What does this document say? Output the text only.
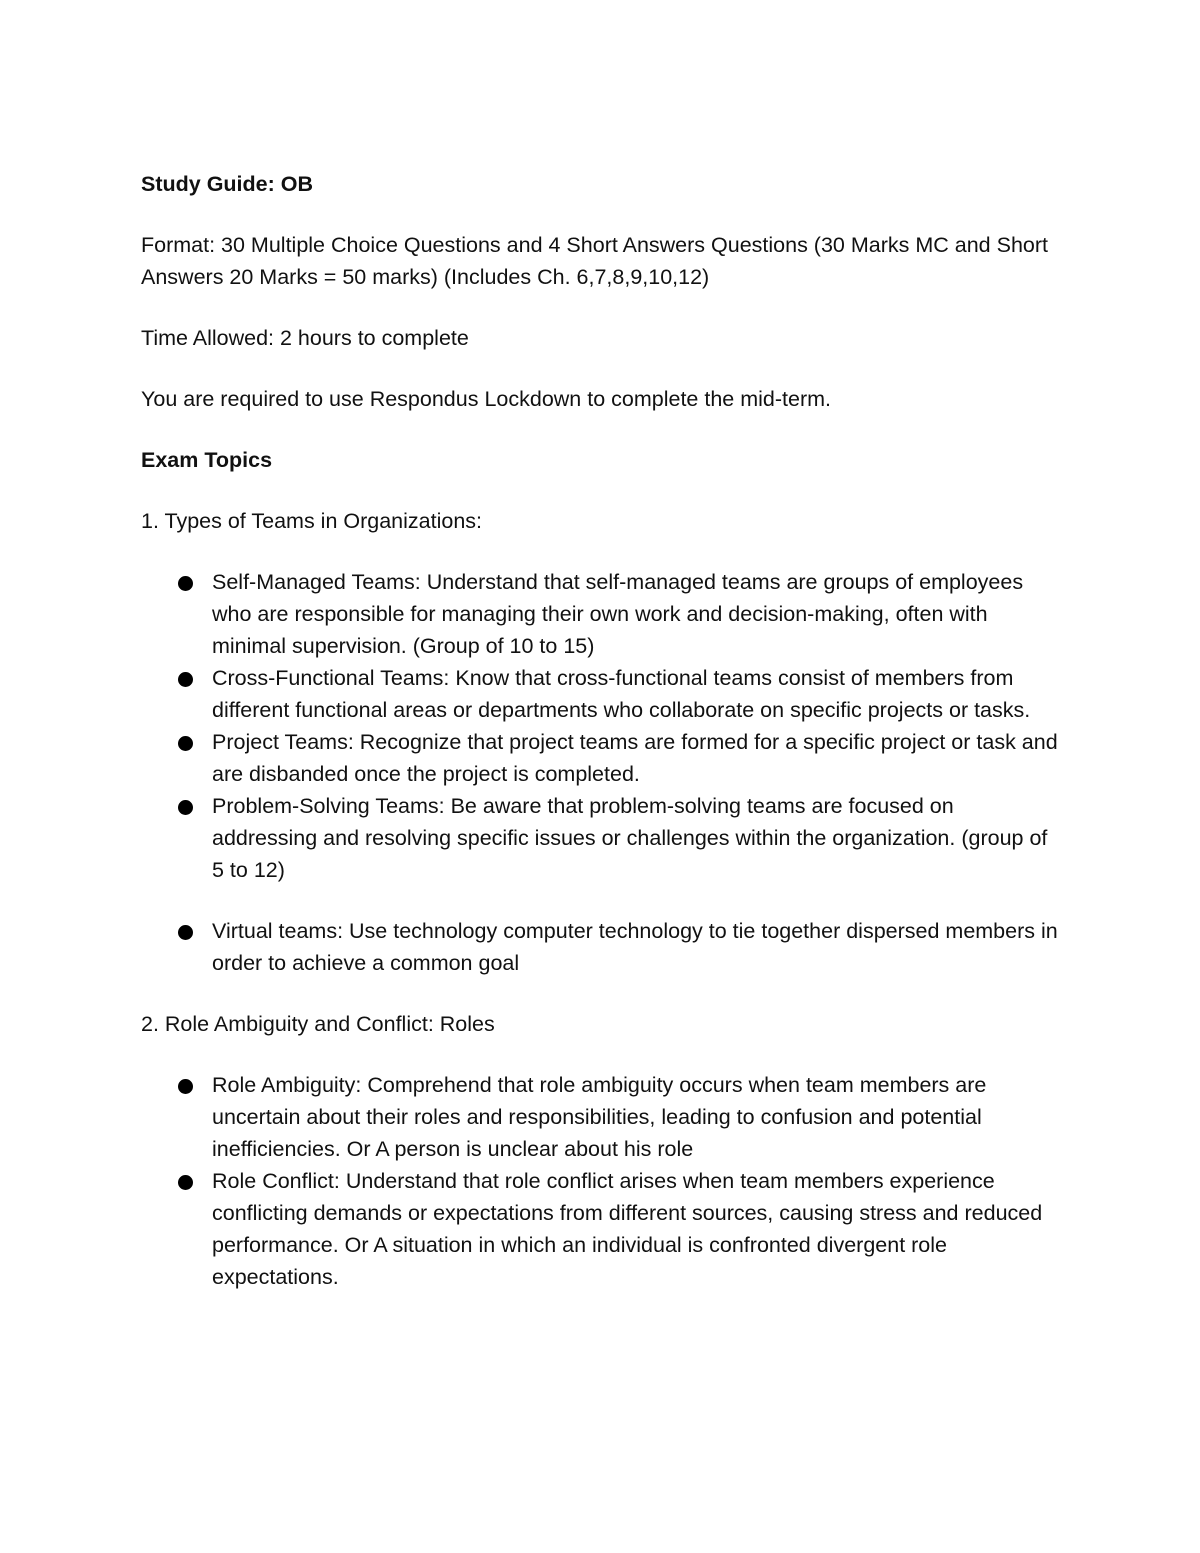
Study Guide: OB

Format: 30 Multiple Choice Questions and 4 Short Answers Questions (30 Marks MC and Short Answers 20 Marks = 50 marks) (Includes Ch. 6,7,8,9,10,12)

Time Allowed: 2 hours to complete

You are required to use Respondus Lockdown to complete the mid-term.

Exam Topics

1. Types of Teams in Organizations:

Self-Managed Teams: Understand that self-managed teams are groups of employees who are responsible for managing their own work and decision-making, often with minimal supervision. (Group of 10 to 15)
Cross-Functional Teams: Know that cross-functional teams consist of members from different functional areas or departments who collaborate on specific projects or tasks.
Project Teams: Recognize that project teams are formed for a specific project or task and are disbanded once the project is completed.
Problem-Solving Teams: Be aware that problem-solving teams are focused on addressing and resolving specific issues or challenges within the organization. (group of 5 to 12)
Virtual teams: Use technology computer technology to tie together dispersed members in order to achieve a common goal

2. Role Ambiguity and Conflict: Roles

Role Ambiguity: Comprehend that role ambiguity occurs when team members are uncertain about their roles and responsibilities, leading to confusion and potential inefficiencies. Or A person is unclear about his role
Role Conflict: Understand that role conflict arises when team members experience conflicting demands or expectations from different sources, causing stress and reduced performance. Or A situation in which an individual is confronted divergent role expectations.
